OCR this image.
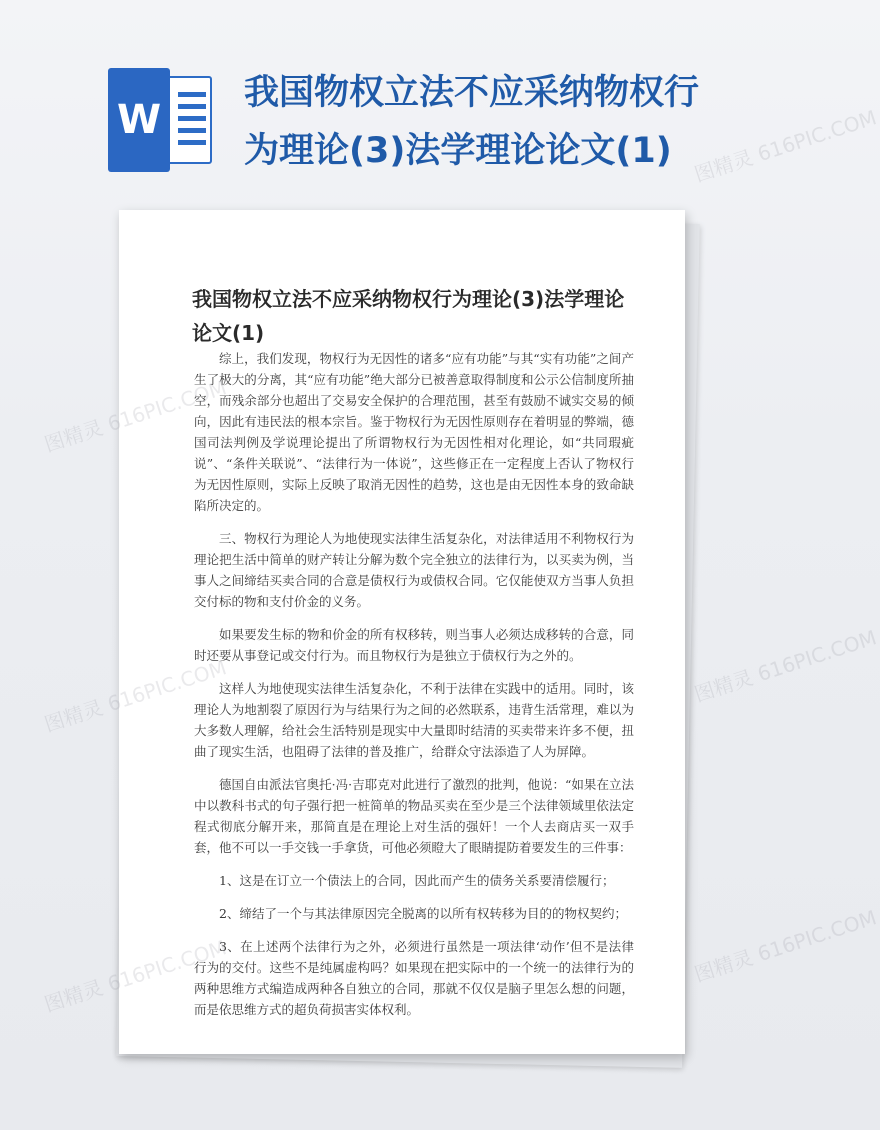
W
我国物权立法不应采纳物权行为理论(3)法学理论论文(1)
我国物权立法不应采纳物权行为理论(3)法学理论论文(1)

综上，我们发现，物权行为无因性的诸多“应有功能”与其“实有功能”之间产生了极大的分离，其“应有功能”绝大部分已被善意取得制度和公示公信制度所抽空，而残余部分也超出了交易安全保护的合理范围，甚至有鼓励不诚实交易的倾向，因此有违民法的根本宗旨。鉴于物权行为无因性原则存在着明显的弊端，德国司法判例及学说理论提出了所谓物权行为无因性相对化理论，如“共同瑕疵说”、“条件关联说”、“法律行为一体说”，这些修正在一定程度上否认了物权行为无因性原则，实际上反映了取消无因性的趋势，这也是由无因性本身的致命缺陷所决定的。

三、物权行为理论人为地使现实法律生活复杂化，对法律适用不利物权行为理论把生活中简单的财产转让分解为数个完全独立的法律行为，以买卖为例，当事人之间缔结买卖合同的合意是债权行为或债权合同。它仅能使双方当事人负担交付标的物和支付价金的义务。

如果要发生标的物和价金的所有权移转，则当事人必须达成移转的合意，同时还要从事登记或交付行为。而且物权行为是独立于债权行为之外的。

这样人为地使现实法律生活复杂化，不利于法律在实践中的适用。同时，该理论人为地割裂了原因行为与结果行为之间的必然联系，违背生活常理，难以为大多数人理解，给社会生活特别是现实中大量即时结清的买卖带来许多不便，扭曲了现实生活，也阻碍了法律的普及推广，给群众守法添造了人为屏障。

德国自由派法官奥托·冯·吉耶克对此进行了激烈的批判，他说：“如果在立法中以教科书式的句子强行把一桩简单的物品买卖在至少是三个法律领域里依法定程式彻底分解开来，那简直是在理论上对生活的强奸！一个人去商店买一双手套，他不可以一手交钱一手拿货，可他必须瞪大了眼睛提防着要发生的三件事：

1、这是在订立一个债法上的合同，因此而产生的债务关系要清偿履行；

2、缔结了一个与其法律原因完全脱离的以所有权转移为目的的物权契约；

3、在上述两个法律行为之外，必须进行虽然是一项法律‘动作’但不是法律行为的交付。这些不是纯属虚构吗？如果现在把实际中的一个统一的法律行为的两种思维方式编造成两种各自独立的合同，那就不仅仅是脑子里怎么想的问题，而是依思维方式的超负荷损害实体权利。

图精灵 616PIC.COM
图精灵
图精灵
图精灵 616PIC.COM
图精灵
图精灵 616PIC.COM
